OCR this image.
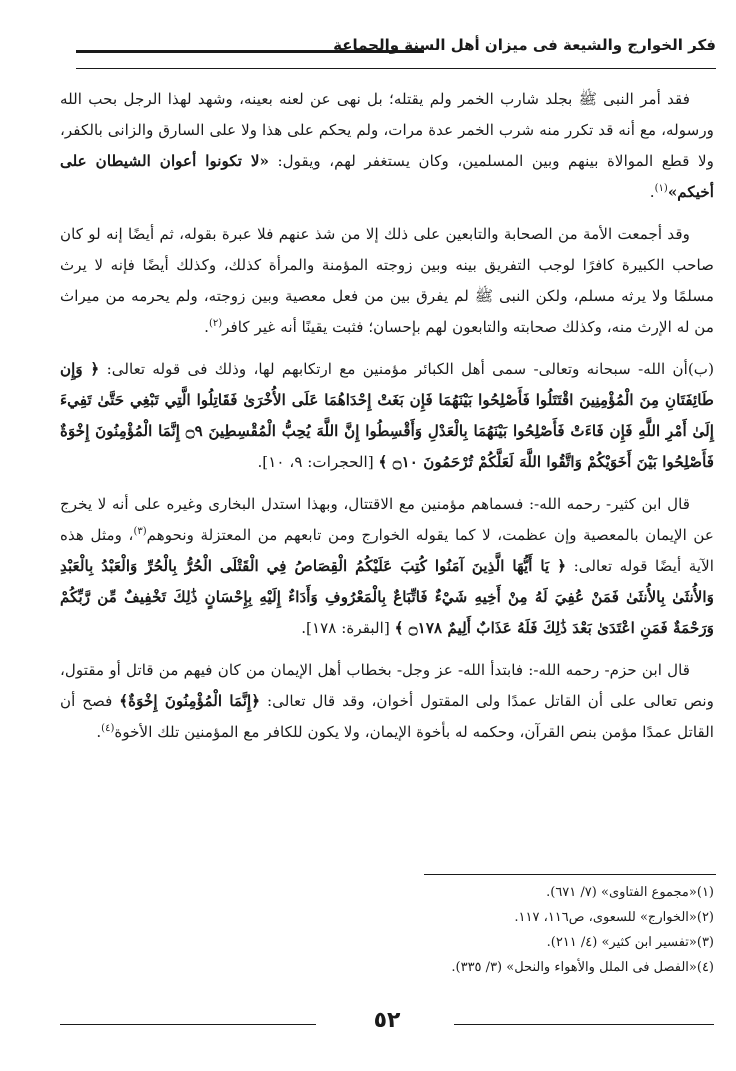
فكر الخوارج والشيعة فى ميزان أهل السنة والجماعة

فقد أمر النبى ﷺ بجلد شارب الخمر ولم يقتله؛ بل نهى عن لعنه بعينه، وشهد لهذا الرجل بحب الله ورسوله، مع أنه قد تكرر منه شرب الخمر عدة مرات، ولم يحكم على هذا ولا على السارق والزانى بالكفر، ولا قطع الموالاة بينهم وبين المسلمين، وكان يستغفر لهم، ويقول: «لا تكونوا أعوان الشيطان على أخيكم»$^{(١)}$.

وقد أجمعت الأمة من الصحابة والتابعين على ذلك إلا من شذ عنهم فلا عبرة بقوله، ثم أيضًا إنه لو كان صاحب الكبيرة كافرًا لوجب التفريق بينه وبين زوجته المؤمنة والمرأة كذلك، وكذلك أيضًا فإنه لا يرث مسلمًا ولا يرثه مسلم، ولكن النبى ﷺ لم يفرق بين من فعل معصية وبين زوجته، ولم يحرمه من ميراث من له الإرث منه، وكذلك صحابته والتابعون لهم بإحسان؛ فثبت يقينًا أنه غير كافر$^{(٢)}$.

(ب)أن الله- سبحانه وتعالى- سمى أهل الكبائر مؤمنين مع ارتكابهم لها، وذلك فى قوله تعالى: ﴿ وَإِن طَائِفَتَانِ مِنَ الْمُؤْمِنِينَ اقْتَتَلُوا فَأَصْلِحُوا بَيْنَهُمَا فَإِن بَغَتْ إِحْدَاهُمَا عَلَى الأُخْرَىٰ فَقَاتِلُوا الَّتِي تَبْغِي حَتَّىٰ تَفِيءَ إِلَىٰ أَمْرِ اللَّهِ فَإِن فَاءَتْ فَأَصْلِحُوا بَيْنَهُمَا بِالْعَدْلِ وَأَقْسِطُوا إِنَّ اللَّهَ يُحِبُّ الْمُقْسِطِينَ ۝٩ إِنَّمَا الْمُؤْمِنُونَ إِخْوَةٌ فَأَصْلِحُوا بَيْنَ أَخَوَيْكُمْ وَاتَّقُوا اللَّهَ لَعَلَّكُمْ تُرْحَمُونَ ۝١٠ ﴾ [الحجرات: ٩، ١٠].

قال ابن كثير- رحمه الله-: فسماهم مؤمنين مع الاقتتال، وبهذا استدل البخارى وغيره على أنه لا يخرج عن الإيمان بالمعصية وإن عظمت، لا كما يقوله الخوارج ومن تابعهم من المعتزلة ونحوهم$^{(٣)}$، ومثل هذه الآية أيضًا قوله تعالى: ﴿ يَا أَيُّهَا الَّذِينَ آمَنُوا كُتِبَ عَلَيْكُمُ الْقِصَاصُ فِي الْقَتْلَى الْحُرُّ بِالْحُرِّ وَالْعَبْدُ بِالْعَبْدِ وَالأُنثَىٰ بِالأُنثَىٰ فَمَنْ عُفِيَ لَهُ مِنْ أَخِيهِ شَيْءٌ فَاتِّبَاعٌ بِالْمَعْرُوفِ وَأَدَاءٌ إِلَيْهِ بِإِحْسَانٍ ذَٰلِكَ تَخْفِيفٌ مِّن رَّبِّكُمْ وَرَحْمَةٌ فَمَنِ اعْتَدَىٰ بَعْدَ ذَٰلِكَ فَلَهُ عَذَابٌ أَلِيمٌ ۝١٧٨ ﴾ [البقرة: ١٧٨].

قال ابن حزم- رحمه الله-: فابتدأ الله- عز وجل- بخطاب أهل الإيمان من كان فيهم من قاتل أو مقتول، ونص تعالى على أن القاتل عمدًا ولى المقتول أخوان، وقد قال تعالى: ﴿إِنَّمَا الْمُؤْمِنُونَ إِخْوَةٌ﴾ فصح أن القاتل عمدًا مؤمن بنص القرآن، وحكمه له بأخوة الإيمان، ولا يكون للكافر مع المؤمنين تلك الأخوة$^{(٤)}$.

(١)«مجموع الفتاوى» (٧/ ٦٧١).

(٢)«الخوارج» للسعوى، ص١١٦، ١١٧.

(٣)«تفسير ابن كثير» (٤/ ٢١١).

(٤)«الفصل فى الملل والأهواء والنحل» (٣/ ٣٣٥).

٥٢
